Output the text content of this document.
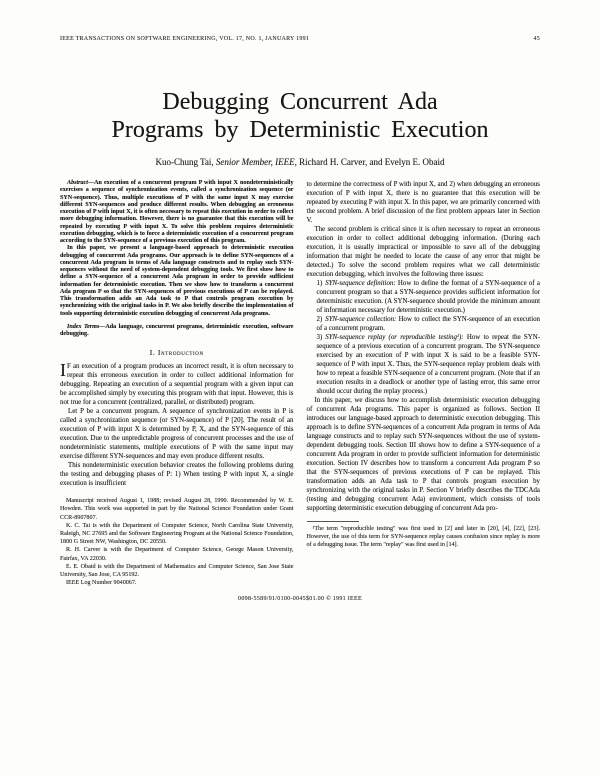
IEEE TRANSACTIONS ON SOFTWARE ENGINEERING, VOL. 17, NO. 1, JANUARY 1991	45
Debugging Concurrent Ada
Programs by Deterministic Execution
Kuo-Chung Tai, Senior Member, IEEE, Richard H. Carver, and Evelyn E. Obaid

Abstract—An execution of a concurrent program P with input X nondeterministically exercises a sequence of synchronization events, called a synchronization sequence (or SYN-sequence). Thus, multiple executions of P with the same input X may exercise different SYN-sequences and produce different results. When debugging an erroneous execution of P with input X, it is often necessary to repeat this execution in order to collect more debugging information. However, there is no guarantee that this execution will be repeated by executing P with input X. To solve this problem requires deterministic execution debugging, which is to force a deterministic execution of a concurrent program according to the SYN-sequence of a previous execution of this program.

In this paper, we present a language-based approach to deterministic execution debugging of concurrent Ada programs. Our approach is to define SYN-sequences of a concurrent Ada program in terms of Ada language constructs and to replay such SYN-sequences without the need of system-dependent debugging tools. We first show how to define a SYN-sequence of a concurrent Ada program in order to provide sufficient information for deterministic execution. Then we show how to transform a concurrent Ada program P so that the SYN-sequences of previous executions of P can be replayed. This transformation adds an Ada task to P that controls program execution by synchronizing with the original tasks in P. We also briefly describe the implementation of tools supporting deterministic execution debugging of concurrent Ada programs.

Index Terms—Ada language, concurrent programs, deterministic execution, software debugging.

I. Introduction

I F an execution of a program produces an incorrect result, it is often necessary to repeat this erroneous execution in order to collect additional information for debugging. Repeating an execution of a sequential program with a given input can be accomplished simply by executing this program with that input. However, this is not true for a concurrent (centralized, parallel, or distributed) program.

Let P be a concurrent program. A sequence of synchronization events in P is called a synchronization sequence (or SYN-sequence) of P [20]. The result of an execution of P with input X is determined by P, X, and the SYN-sequence of this execution. Due to the unpredictable progress of concurrent processes and the use of nondeterministic statements, multiple executions of P with the same input may exercise different SYN-sequences and may even produce different results.

This nondeterministic execution behavior creates the following problems during the testing and debugging phases of P: 1) When testing P with input X, a single execution is insufficient

Manuscript received August 1, 1988; revised August 28, 1990. Recommended by W. E. Howden. This work was supported in part by the National Science Foundation under Grant CCR-8907807.

K. C. Tai is with the Department of Computer Science, North Carolina State University, Raleigh, NC 27695 and the Software Engineering Program at the National Science Foundation, 1800 G Street NW, Washington, DC 20550.

R. H. Carver is with the Department of Computer Science, George Mason University, Fairfax, VA 22030.

E. E. Obaid is with the Department of Mathematics and Computer Science, San Jose State University, San Jose, CA 95192.

IEEE Log Number 9040067.

to determine the correctness of P with input X, and 2) when debugging an erroneous execution of P with input X, there is no guarantee that this execution will be repeated by executing P with input X. In this paper, we are primarily concerned with the second problem. A brief discussion of the first problem appears later in Section V.

The second problem is critical since it is often necessary to repeat an erroneous execution in order to collect additional debugging information. (During each execution, it is usually impractical or impossible to save all of the debugging information that might be needed to locate the cause of any error that might be detected.) To solve the second problem requires what we call deterministic execution debugging, which involves the following three issues:

1) SYN-sequence definition: How to define the format of a SYN-sequence of a concurrent program so that a SYN-sequence provides sufficient information for deterministic execution. (A SYN-sequence should provide the minimum amount of information necessary for deterministic execution.)
2) SYN-sequence collection: How to collect the SYN-sequence of an execution of a concurrent program.
3) SYN-sequence replay (or reproducible testing¹): How to repeat the SYN-sequence of a previous execution of a concurrent program. The SYN-sequence exercised by an execution of P with input X is said to be a feasible SYN-sequence of P with input X. Thus, the SYN-sequence replay problem deals with how to repeat a feasible SYN-sequence of a concurrent program. (Note that if an execution results in a deadlock or another type of lasting error, this same error should occur during the replay process.)

In this paper, we discuss how to accomplish deterministic execution debugging of concurrent Ada programs. This paper is organized as follows. Section II introduces our language-based approach to deterministic execution debugging. This approach is to define SYN-sequences of a concurrent Ada program in terms of Ada language constructs and to replay such SYN-sequences without the use of system-dependent debugging tools. Section III shows how to define a SYN-sequence of a concurrent Ada program in order to provide sufficient information for deterministic execution. Section IV describes how to transform a concurrent Ada program P so that the SYN-sequences of previous executions of P can be replayed. This transformation adds an Ada task to P that controls program execution by synchronizing with the original tasks in P. Section V briefly describes the TDCAda (testing and debugging concurrent Ada) environment, which consists of tools supporting deterministic execution debugging of concurrent Ada pro-

¹The term "reproducible testing" was first used in [2] and later in [20], [4], [22], [23]. However, the use of this term for SYN-sequence replay causes confusion since replay is more of a debugging issue. The term "replay" was first used in [14].

0098-5589/91/0100-0045$01.00 © 1991 IEEE
